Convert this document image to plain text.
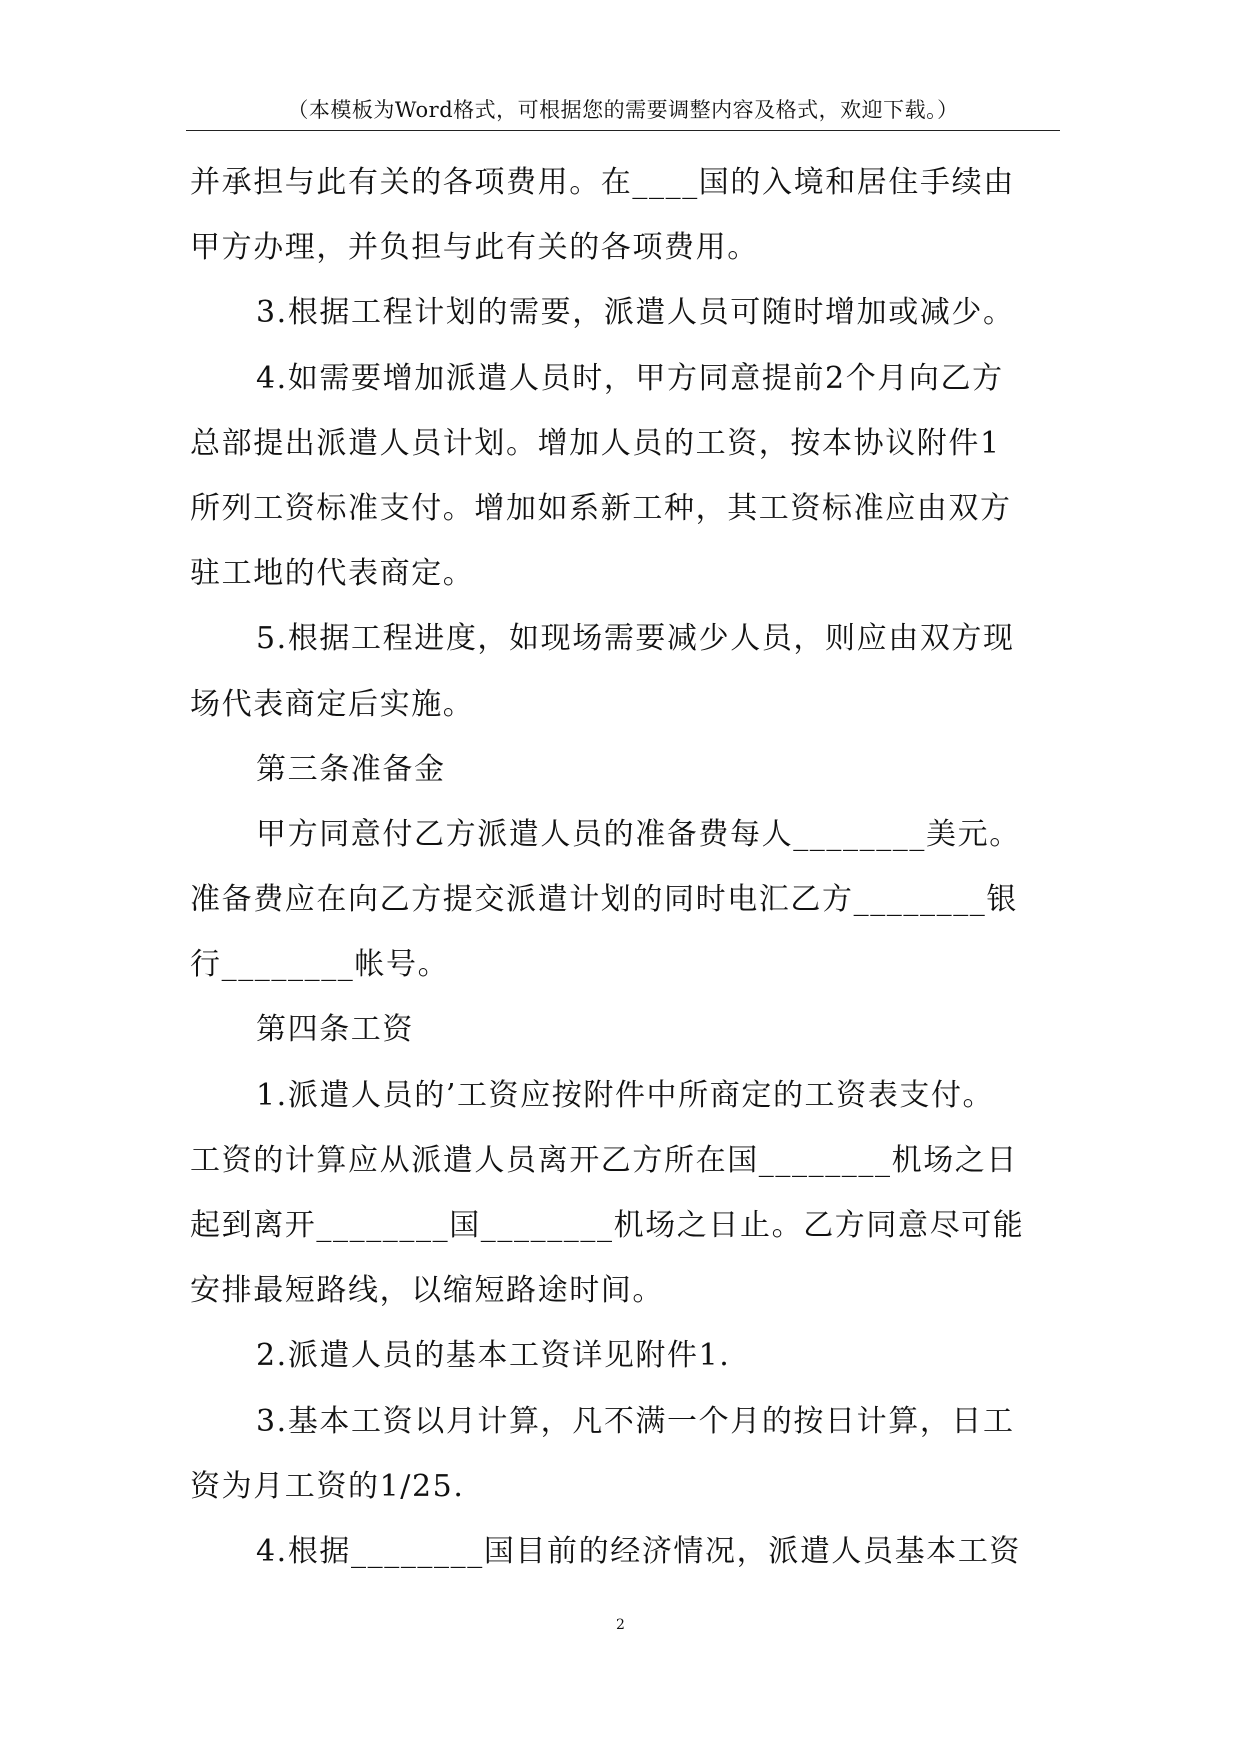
（本模板为Word格式，可根据您的需要调整内容及格式，欢迎下载。）
并承担与此有关的各项费用。在____国的入境和居住手续由
甲方办理，并负担与此有关的各项费用。
3.根据工程计划的需要，派遣人员可随时增加或减少。
4.如需要增加派遣人员时，甲方同意提前2个月向乙方
总部提出派遣人员计划。增加人员的工资，按本协议附件1
所列工资标准支付。增加如系新工种，其工资标准应由双方
驻工地的代表商定。
5.根据工程进度，如现场需要减少人员，则应由双方现
场代表商定后实施。
第三条准备金
甲方同意付乙方派遣人员的准备费每人________美元。
准备费应在向乙方提交派遣计划的同时电汇乙方________银
行________帐号。
第四条工资
1.派遣人员的’工资应按附件中所商定的工资表支付。
工资的计算应从派遣人员离开乙方所在国________机场之日
起到离开________国________机场之日止。乙方同意尽可能
安排最短路线，以缩短路途时间。
2.派遣人员的基本工资详见附件1.
3.基本工资以月计算，凡不满一个月的按日计算，日工
资为月工资的1/25.
4.根据________国目前的经济情况，派遣人员基本工资
2
